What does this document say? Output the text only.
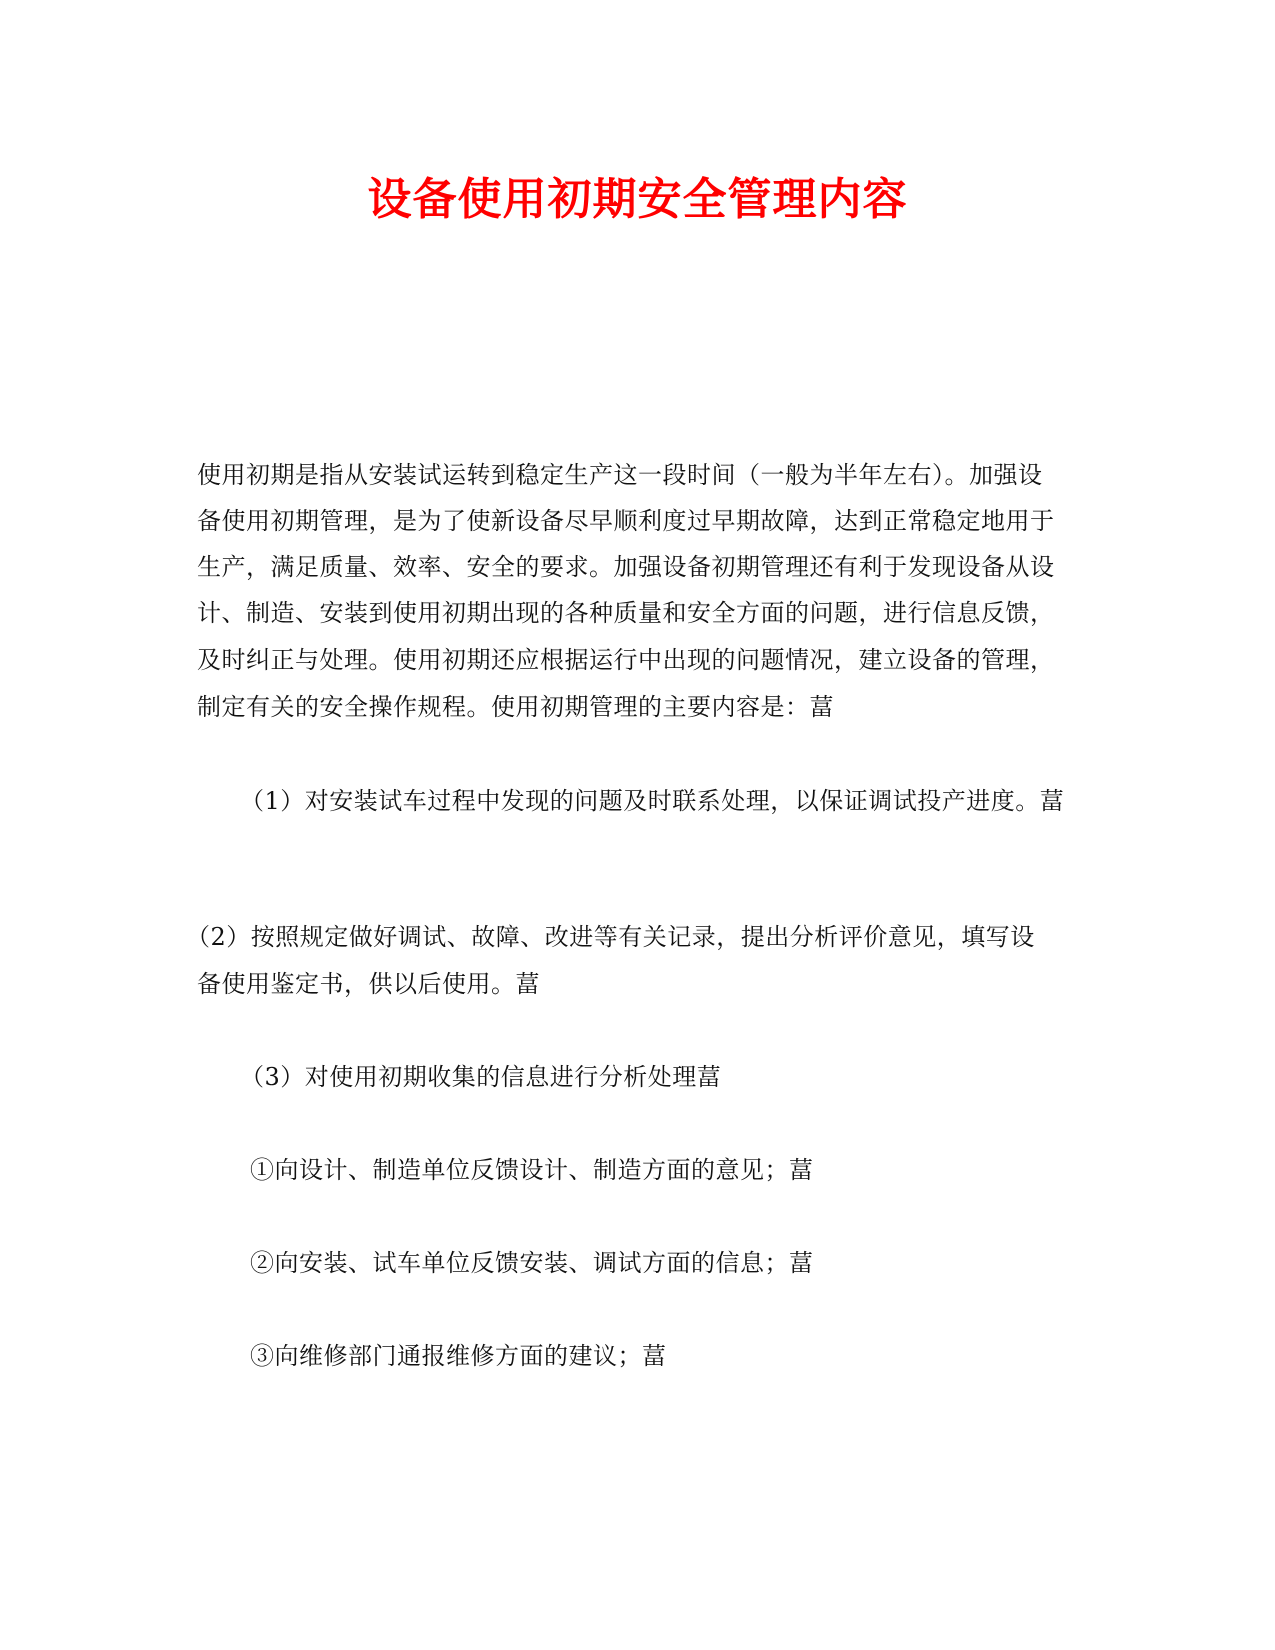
设备使用初期安全管理内容
使用初期是指从安装试运转到稳定生产这一段时间（一般为半年左右）。加强设
备使用初期管理，是为了使新设备尽早顺利度过早期故障，达到正常稳定地用于
生产，满足质量、效率、安全的要求。加强设备初期管理还有利于发现设备从设
计、制造、安装到使用初期出现的各种质量和安全方面的问题，进行信息反馈，
及时纠正与处理。使用初期还应根据运行中出现的问题情况，建立设备的管理，
制定有关的安全操作规程。使用初期管理的主要内容是：葍
（1）对安装试车过程中发现的问题及时联系处理，以保证调试投产进度。葍
（2）按照规定做好调试、故障、改进等有关记录，提出分析评价意见，填写设
备使用鉴定书，供以后使用。葍
（3）对使用初期收集的信息进行分析处理葍
①向设计、制造单位反馈设计、制造方面的意见；葍
②向安装、试车单位反馈安装、调试方面的信息；葍
③向维修部门通报维修方面的建议；葍
